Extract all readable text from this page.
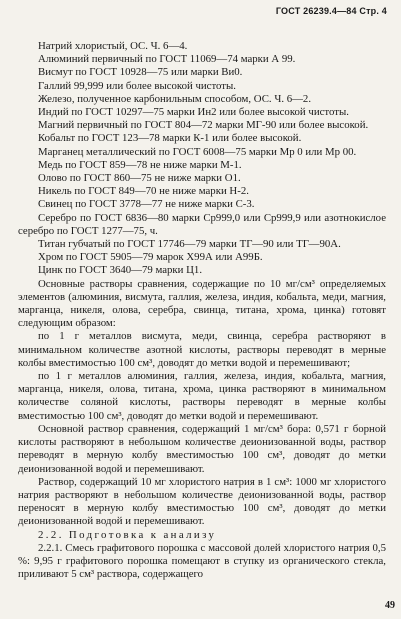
ГОСТ 26239.4—84 Стр. 4

Натрий хлористый, ОС. Ч. 6—4.

Алюминий первичный по ГОСТ 11069—74 марки А 99.

Висмут по ГОСТ 10928—75 или марки Ви0.

Галлий 99,999 или более высокой чистоты.

Железо, полученное карбонильным способом, ОС. Ч. 6—2.

Индий по ГОСТ 10297—75 марки Ин2 или более высокой чистоты.

Магний первичный по ГОСТ 804—72 марки МГ-90 или более высокой.

Кобальт по ГОСТ 123—78 марки К-1 или более высокой.

Марганец металлический по ГОСТ 6008—75 марки Мр 0 или Мр 00.

Медь по ГОСТ 859—78 не ниже марки М-1.

Олово по ГОСТ 860—75 не ниже марки О1.

Никель по ГОСТ 849—70 не ниже марки Н-2.

Свинец по ГОСТ 3778—77 не ниже марки С-3.

Серебро по ГОСТ 6836—80 марки Ср999,0 или Ср999,9 или азотнокислое серебро по ГОСТ 1277—75, ч.

Титан губчатый по ГОСТ 17746—79 марки ТГ—90 или ТГ—90А.

Хром по ГОСТ 5905—79 марок Х99А или А99Б.

Цинк по ГОСТ 3640—79 марки Ц1.

Основные растворы сравнения, содержащие по 10 мг/см³ определяемых элементов (алюминия, висмута, галлия, железа, индия, кобальта, меди, магния, марганца, никеля, олова, серебра, свинца, титана, хрома, цинка) готовят следующим образом:

по 1 г металлов висмута, меди, свинца, серебра растворяют в минимальном количестве азотной кислоты, растворы переводят в мерные колбы вместимостью 100 см³, доводят до метки водой и перемешивают;

по 1 г металлов алюминия, галлия, железа, индия, кобальта, магния, марганца, никеля, олова, титана, хрома, цинка растворяют в минимальном количестве соляной кислоты, растворы переводят в мерные колбы вместимостью 100 см³, доводят до метки водой и перемешивают.

Основной раствор сравнения, содержащий 1 мг/см³ бора: 0,571 г борной кислоты растворяют в небольшом количестве деионизованной воды, раствор переводят в мерную колбу вместимостью 100 см³, доводят до метки деионизованной водой и перемешивают.

Раствор, содержащий 10 мг хлористого натрия в 1 см³: 1000 мг хлористого натрия растворяют в небольшом количестве деионизованной воды, раствор переносят в мерную колбу вместимостью 100 см³, доводят до метки деионизованной водой и перемешивают.

2.2. Подготовка к анализу

2.2.1. Смесь графитового порошка с массовой долей хлористого натрия 0,5 %: 9,95 г графитового порошка помещают в ступку из органического стекла, приливают 5 см³ раствора, содержащего

49
